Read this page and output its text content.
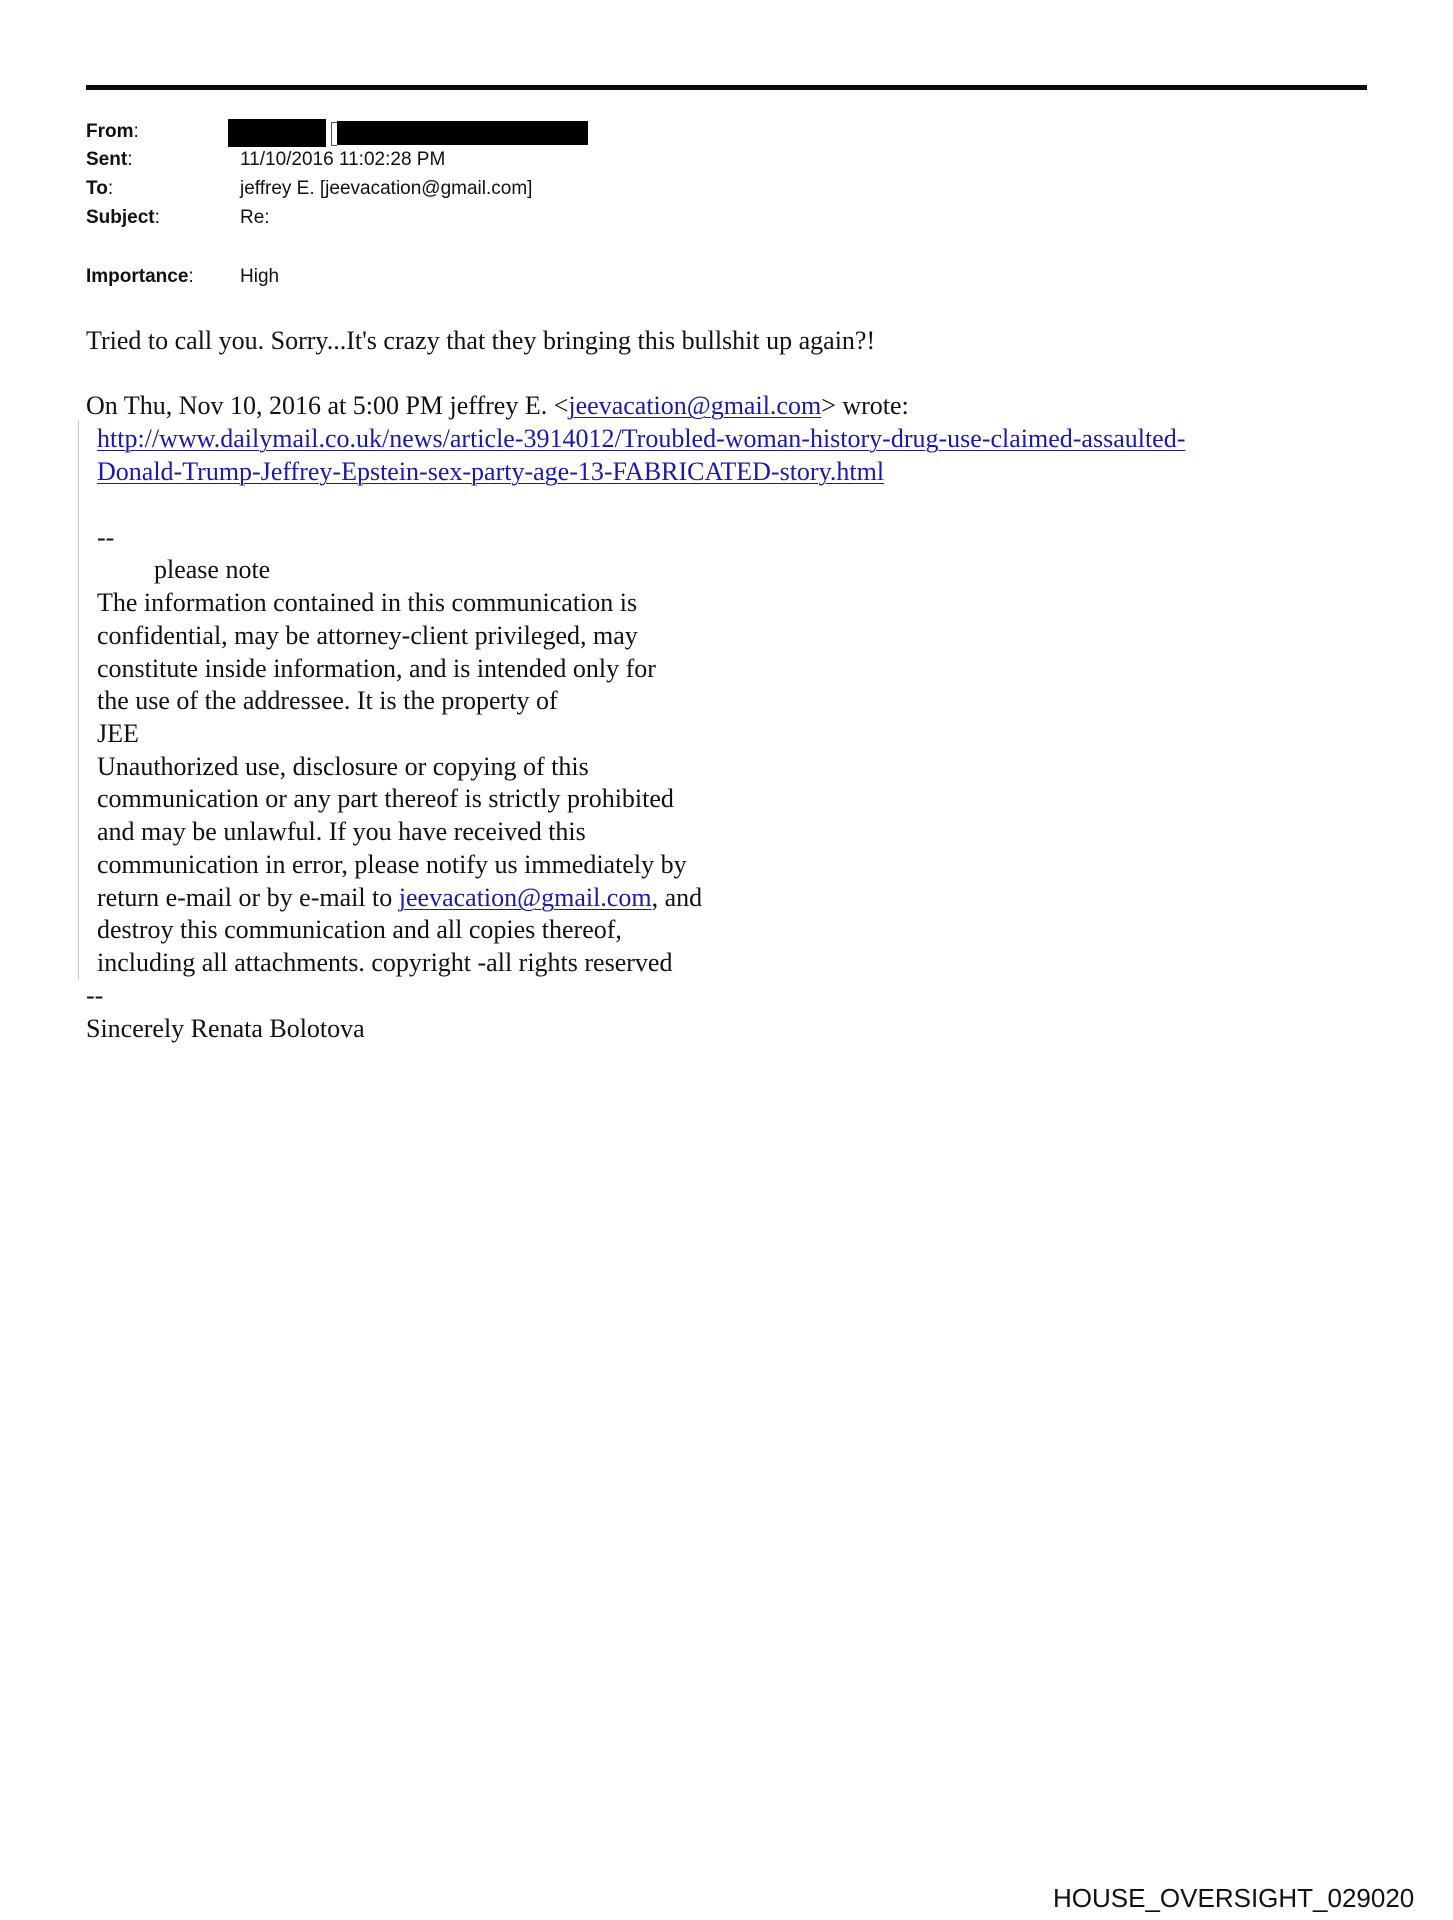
From:
Sent:	11/10/2016 11:02:28 PM
To:	jeffrey E. [jeevacation@gmail.com]
Subject:	Re:
Importance: High
Tried to call you. Sorry...It's crazy that they bringing this bullshit up again?!
On Thu, Nov 10, 2016 at 5:00 PM jeffrey E. <jeevacation@gmail.com> wrote:
http://www.dailymail.co.uk/news/article-3914012/Troubled-woman-history-drug-use-claimed-assaulted-
Donald-Trump-Jeffrey-Epstein-sex-party-age-13-FABRICATED-story.html
--
please note
The information contained in this communication is
confidential, may be attorney-client privileged, may
constitute inside information, and is intended only for
the use of the addressee. It is the property of
JEE
Unauthorized use, disclosure or copying of this
communication or any part thereof is strictly prohibited
and may be unlawful. If you have received this
communication in error, please notify us immediately by
return e-mail or by e-mail to jeevacation@gmail.com, and
destroy this communication and all copies thereof,
including all attachments. copyright -all rights reserved
--
Sincerely Renata Bolotova
HOUSE_OVERSIGHT_029020
